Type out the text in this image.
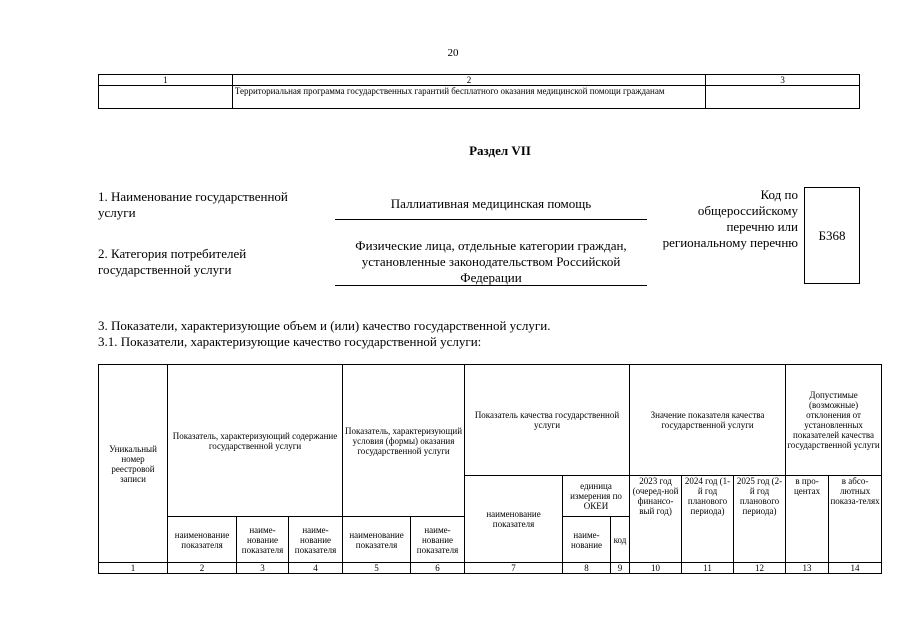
20
1	2	3
	Территориальная программа государственных гарантий бесплатного оказания медицинской помощи гражданам	
Раздел VII
1. Наименование государственной услуги
Паллиативная медицинская помощь
2. Категория потребителей государственной услуги
Физические лица, отдельные категории граждан, установленные законодательством Российской Федерации
Код по общероссийскому перечню или региональному перечню Б368
3. Показатели, характеризующие объем и (или) качество государственной услуги.
3.1. Показатели, характеризующие качество государственной услуги:
Уникальный номер реестровой записи	Показатель, характеризующий содержание государственной услуги			Показатель, характеризующий условия (формы) оказания государственной услуги		Показатель качества государственной услуги			Значение показателя качества государственной услуги			Допустимые (возможные) отклонения от установленных показателей качества государственной услуги	
						наименование показателя	единица измерения по ОКЕИ		2023 год (очеред-ной финансо-вый год)	2024 год (1-й год планового периода)	2025 год (2-й год планового периода)	в про-центах	в абсо-лютных показа-телях
	наименование показателя	наиме-нование показателя	наиме-нование показателя	наименование показателя	наиме-нование показателя		наиме-нование	код					
1	2	3	4	5	6	7	8	9	10	11	12	13	14
